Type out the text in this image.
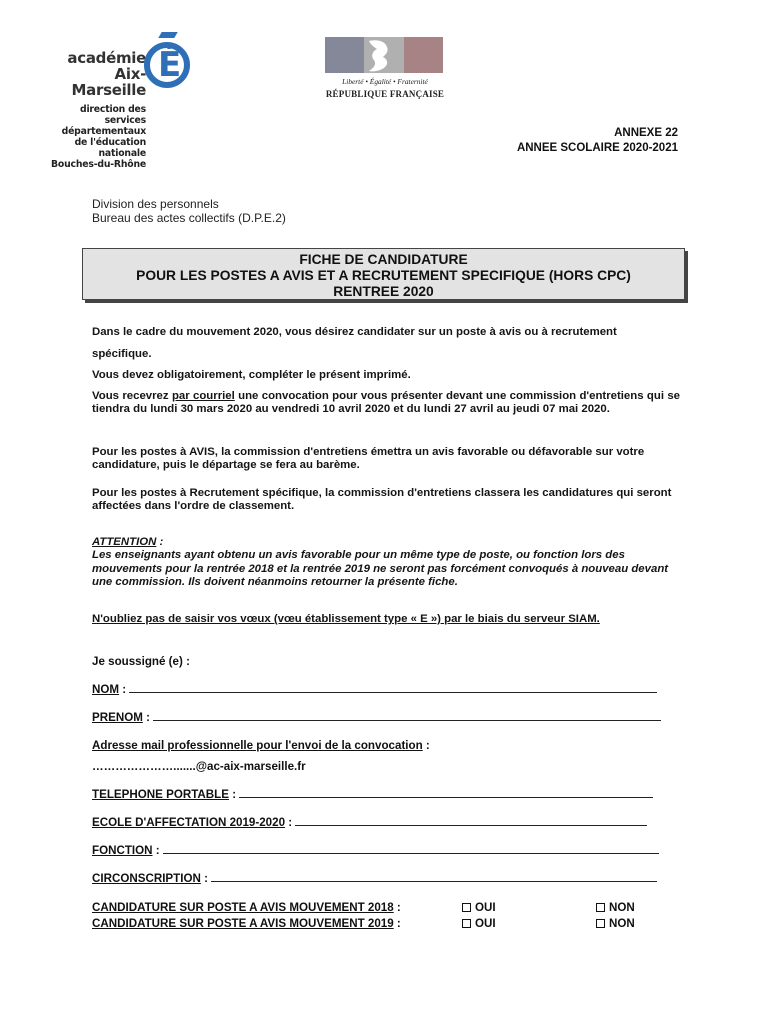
académie
Aix-Marseille
É
direction des services
départementaux
de l'éducation nationale
Bouches-du-Rhône
Liberté • Égalité • Fraternité
RÉPUBLIQUE FRANÇAISE
ANNEXE 22
ANNEE SCOLAIRE 2020-2021
Division des personnels
Bureau des actes collectifs (D.P.E.2)
FICHE DE CANDIDATURE
POUR LES POSTES A AVIS ET A RECRUTEMENT SPECIFIQUE (HORS CPC)
RENTREE 2020
Dans le cadre du mouvement 2020, vous désirez candidater sur un poste à avis ou à recrutement
spécifique.
Vous devez obligatoirement, compléter le présent imprimé.
Vous recevrez par courriel une convocation pour vous présenter devant une commission d'entretiens qui se tiendra du lundi 30 mars 2020 au vendredi 10 avril 2020 et du lundi 27 avril au jeudi 07 mai 2020.
Pour les postes à AVIS, la commission d'entretiens émettra un avis favorable ou défavorable sur votre candidature, puis le départage se fera au barème.
Pour les postes à Recrutement spécifique, la commission d'entretiens classera les candidatures qui seront affectées dans l'ordre de classement.
ATTENTION :
Les enseignants ayant obtenu un avis favorable pour un même type de poste, ou fonction lors des mouvements pour la rentrée 2018 et la rentrée 2019 ne seront pas forcément convoqués à nouveau devant une commission. Ils doivent néanmoins retourner la présente fiche.
N'oubliez pas de saisir vos vœux (vœu établissement type « E ») par le biais du serveur SIAM.
Je soussigné (e) :
NOM :
PRENOM :
Adresse mail professionnelle pour l'envoi de la convocation :
………………….......@ac-aix-marseille.fr
TELEPHONE PORTABLE :
ECOLE D'AFFECTATION 2019-2020 :
FONCTION :
CIRCONSCRIPTION :
CANDIDATURE SUR POSTE A AVIS MOUVEMENT 2018 :	OUI	NON
CANDIDATURE SUR POSTE A AVIS MOUVEMENT 2019 :	OUI	NON
